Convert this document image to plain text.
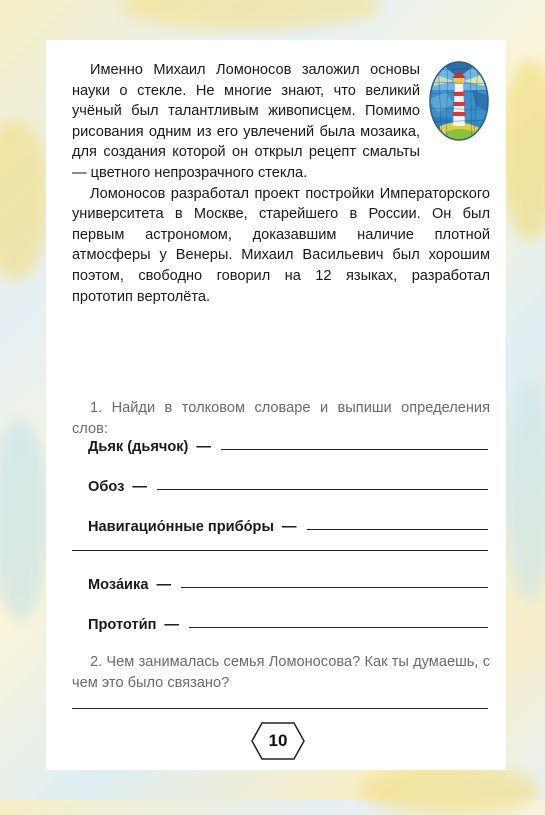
Именно Михаил Ломоносов заложил основы науки о стекле. Не многие знают, что великий учёный был талантливым живописцем. Помимо рисования одним из его увлечений была мозаика, для создания которой он открыл рецепт смальты — цветного непрозрачного стекла.

Ломоносов разработал проект постройки Императорского университета в Москве, старейшего в России. Он был первым астрономом, доказавшим наличие плотной атмосферы у Венеры. Михаил Васильевич был хорошим поэтом, свободно говорил на 12 языках, разработал прототип вертолёта.

1. Найди в толковом словаре и выпиши определения слов:

Дьяк (дьячок) —
Обоз —
Навигацио́нные прибо́ры —
Моза́ика —
Прототи́п —

2. Чем занималась семья Ломоносова? Как ты думаешь, с чем это было связано?

10
